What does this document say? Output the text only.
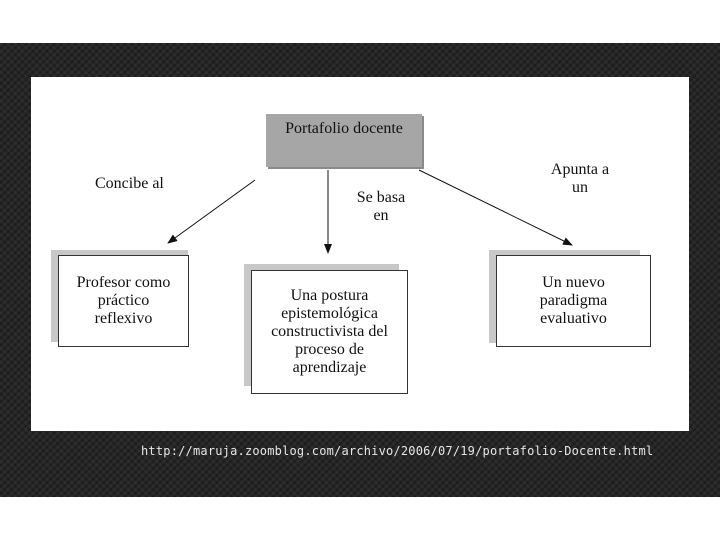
Portafolio docente
Concibe al
Se basa
en
Apunta a
un
Profesor como
práctico
reflexivo
Una postura
epistemológica
constructivista del
proceso de
aprendizaje
Un nuevo
paradigma
evaluativo
http://maruja.zoomblog.com/archivo/2006/07/19/portafolio-Docente.html
